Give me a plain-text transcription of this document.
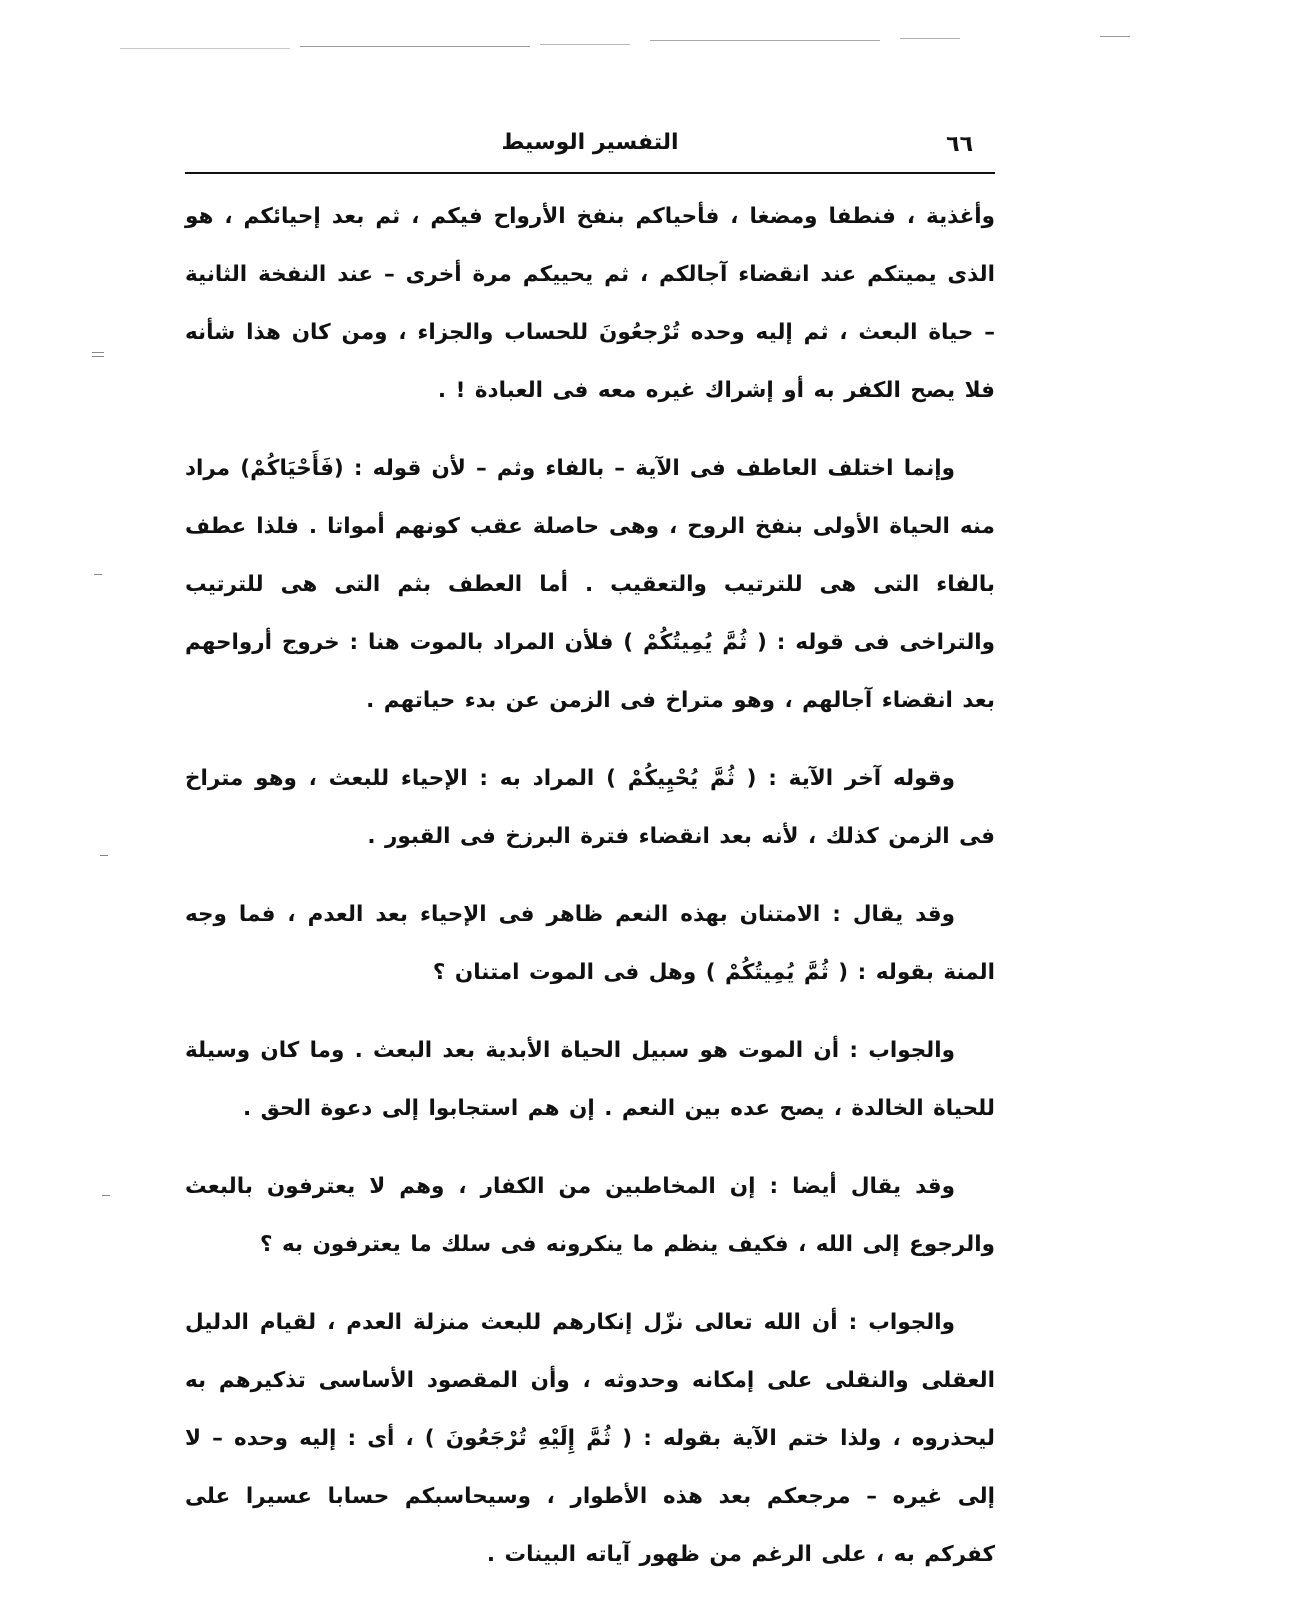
٦٦
التفسير الوسيط

وأغذية ، فنطفا ومضغا ، فأحياكم بنفخ الأرواح فيكم ، ثم بعد إحيائكم ، هو الذى يميتكم عند انقضاء آجالكم ، ثم يحييكم مرة أخرى – عند النفخة الثانية – حياة البعث ، ثم إليه وحده تُرْجعُونَ للحساب والجزاء ، ومن كان هذا شأنه فلا يصح الكفر به أو إشراك غيره معه فى العبادة ! .

وإنما اختلف العاطف فى الآية – بالفاء وثم – لأن قوله : (فَأَحْيَاكُمْ) مراد منه الحياة الأولى بنفخ الروح ، وهى حاصلة عقب كونهم أمواتا . فلذا عطف بالفاء التى هى للترتيب والتعقيب . أما العطف بثم التى هى للترتيب والتراخى فى قوله : ( ثُمَّ يُمِيتُكُمْ ) فلأن المراد بالموت هنا : خروج أرواحهم بعد انقضاء آجالهم ، وهو متراخ فى الزمن عن بدء حياتهم .

وقوله آخر الآية : ( ثُمَّ يُحْيِيكُمْ ) المراد به : الإحياء للبعث ، وهو متراخ فى الزمن كذلك ، لأنه بعد انقضاء فترة البرزخ فى القبور .

وقد يقال : الامتنان بهذه النعم ظاهر فى الإحياء بعد العدم ، فما وجه المنة بقوله : ( ثُمَّ يُمِيتُكُمْ ) وهل فى الموت امتنان ؟

والجواب : أن الموت هو سبيل الحياة الأبدية بعد البعث . وما كان وسيلة للحياة الخالدة ، يصح عده بين النعم . إن هم استجابوا إلى دعوة الحق .

وقد يقال أيضا : إن المخاطبين من الكفار ، وهم لا يعترفون بالبعث والرجوع إلى الله ، فكيف ينظم ما ينكرونه فى سلك ما يعترفون به ؟

والجواب : أن الله تعالى نزّل إنكارهم للبعث منزلة العدم ، لقيام الدليل العقلى والنقلى على إمكانه وحدوثه ، وأن المقصود الأساسى تذكيرهم به ليحذروه ، ولذا ختم الآية بقوله : ( ثُمَّ إِلَيْهِ تُرْجَعُونَ ) ، أى : إليه وحده – لا إلى غيره – مرجعكم بعد هذه الأطوار ، وسيحاسبكم حسابا عسيرا على كفركم به ، على الرغم من ظهور آياته البينات .
